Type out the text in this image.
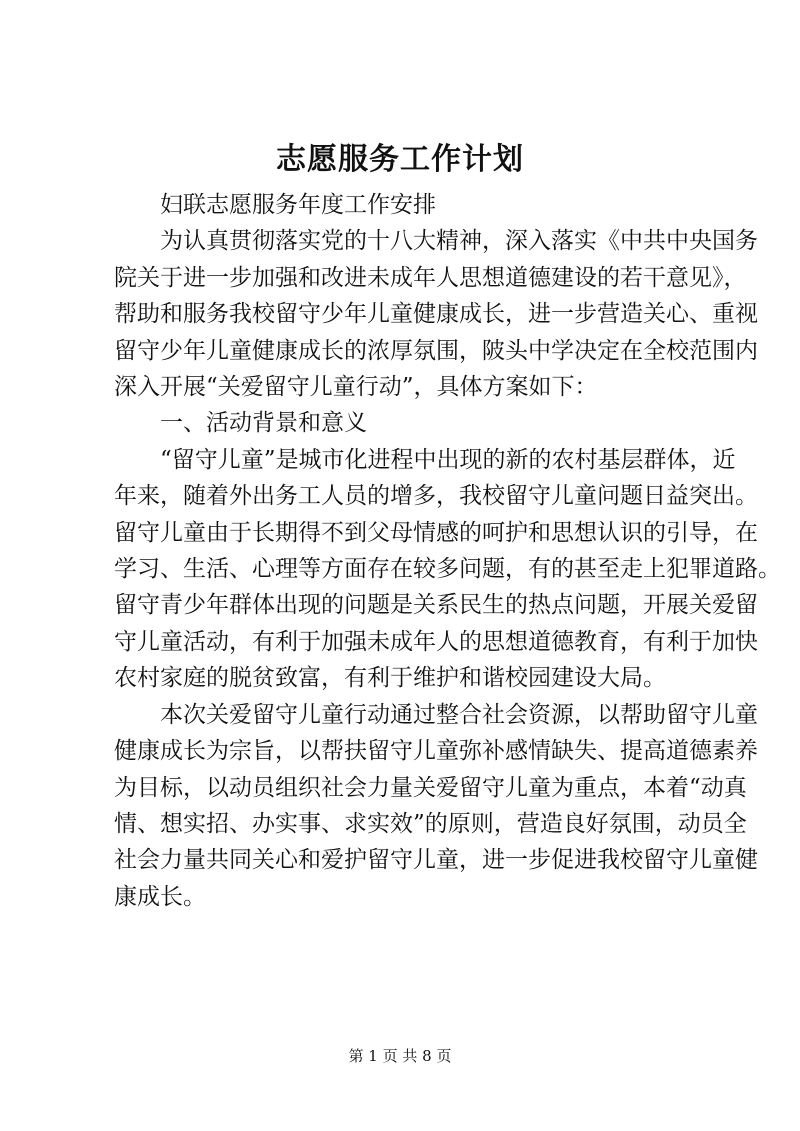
志愿服务工作计划
　　妇联志愿服务年度工作安排
　　为认真贯彻落实党的十八大精神，深入落实《中共中央国务
院关于进一步加强和改进未成年人思想道德建设的若干意见》，
帮助和服务我校留守少年儿童健康成长，进一步营造关心、重视
留守少年儿童健康成长的浓厚氛围，陂头中学决定在全校范围内
深入开展“关爱留守儿童行动”，具体方案如下：
　　一、活动背景和意义
　　“留守儿童”是城市化进程中出现的新的农村基层群体，近
年来，随着外出务工人员的增多，我校留守儿童问题日益突出。
留守儿童由于长期得不到父母情感的呵护和思想认识的引导，在
学习、生活、心理等方面存在较多问题，有的甚至走上犯罪道路。
留守青少年群体出现的问题是关系民生的热点问题，开展关爱留
守儿童活动，有利于加强未成年人的思想道德教育，有利于加快
农村家庭的脱贫致富，有利于维护和谐校园建设大局。
　　本次关爱留守儿童行动通过整合社会资源，以帮助留守儿童
健康成长为宗旨，以帮扶留守儿童弥补感情缺失、提高道德素养
为目标，以动员组织社会力量关爱留守儿童为重点，本着“动真
情、想实招、办实事、求实效”的原则，营造良好氛围，动员全
社会力量共同关心和爱护留守儿童，进一步促进我校留守儿童健
康成长。
第 1 页 共 8 页
